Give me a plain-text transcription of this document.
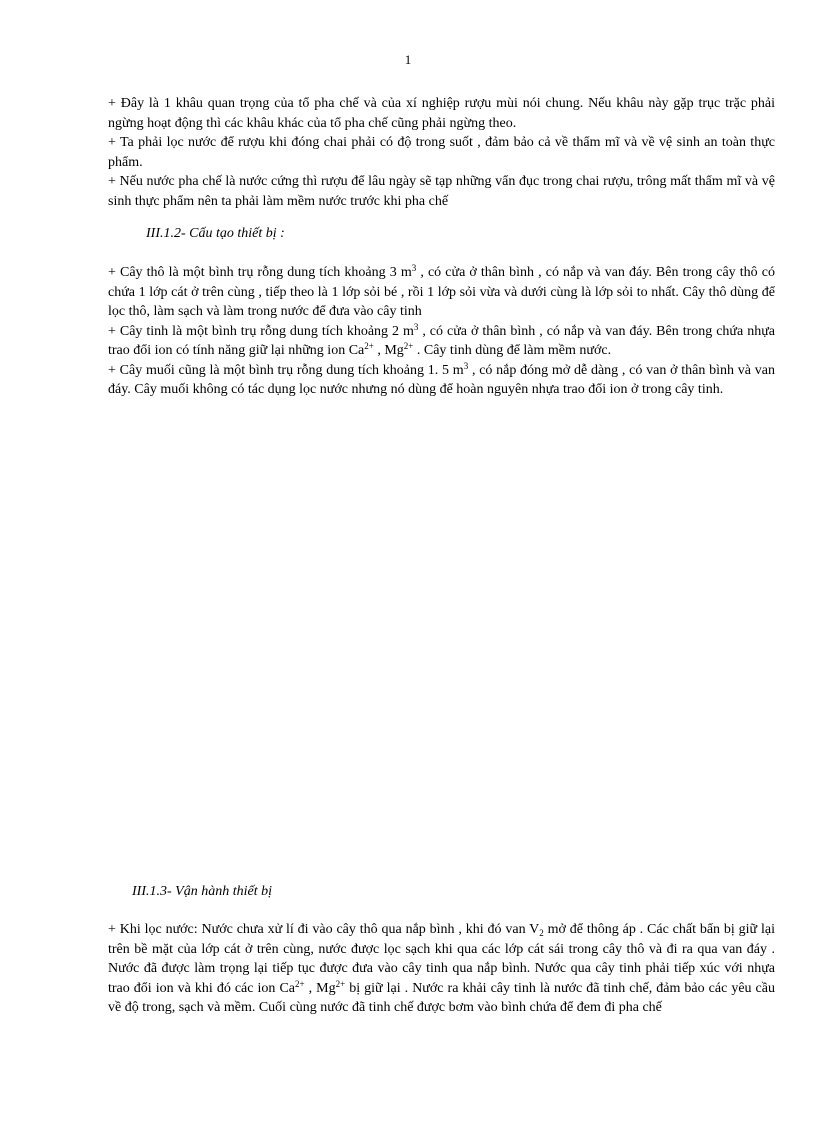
1

+ Đây là 1 khâu quan trọng của tổ pha chế và của xí nghiệp rượu mùi nói chung. Nếu khâu này gặp trục trặc phải ngừng hoạt động thì các khâu khác của tổ pha chế cũng phải ngừng theo.

+ Ta phải lọc nước để rượu khi đóng chai phải có độ trong suốt , đảm bảo cả về thẩm mĩ và về vệ sinh an toàn thực phẩm.

+ Nếu nước pha chế là nước cứng thì rượu để lâu ngày sẽ tạp những vẩn đục trong chai rượu, trông mất thẩm mĩ và vệ sinh thực phẩm nên ta phải làm mềm nước trước khi pha chế

III.1.2- Cấu tạo thiết bị :

+ Cây thô là một bình trụ rỗng dung tích khoảng 3 $m^3$ , có cửa ở thân bình , có nắp và van đáy. Bên trong cây thô có chứa 1 lớp cát ở trên cùng , tiếp theo là 1 lớp sỏi bé , rồi 1 lớp sỏi vừa và dưới cùng là lớp sỏi to nhất. Cây thô dùng để lọc thô, làm sạch và làm trong nước để đưa vào cây tinh

+ Cây tinh là một bình trụ rỗng dung tích khoảng 2 $m^3$ , có cửa ở thân bình , có nắp và van đáy. Bên trong chứa nhựa trao đổi ion có tính năng giữ lại những ion $Ca^{2+}$ , $Mg^{2+}$ . Cây tinh dùng để làm mềm nước.

+ Cây muối cũng là một bình trụ rỗng dung tích khoảng 1. 5 $m^3$ , có nắp đóng mở dễ dàng , có van ở thân bình và van đáy. Cây muối không có tác dụng lọc nước nhưng nó dùng để hoàn nguyên nhựa trao đổi ion ở trong cây tinh.

III.1.3- Vận hành thiết bị

+ Khi lọc nước: Nước chưa xử lí đi vào cây thô qua nắp bình , khi đó van $V_2$ mở để thông áp . Các chất bẩn bị giữ lại trên bề mặt của lớp cát ở trên cùng, nước được lọc sạch khi qua các lớp cát sái trong cây thô và đi ra qua van đáy . Nước đã được làm trọng lại tiếp tục được đưa vào cây tinh qua nắp bình. Nước qua cây tinh phải tiếp xúc với nhựa trao đổi ion và khi đó các ion $Ca^{2+}$ , $Mg^{2+}$ bị giữ lại . Nước ra khải cây tinh là nước đã tinh chế, đảm bảo các yêu cầu về độ trong, sạch và mềm. Cuối cùng nước đã tinh chế được bơm vào bình chứa để đem đi pha chế
